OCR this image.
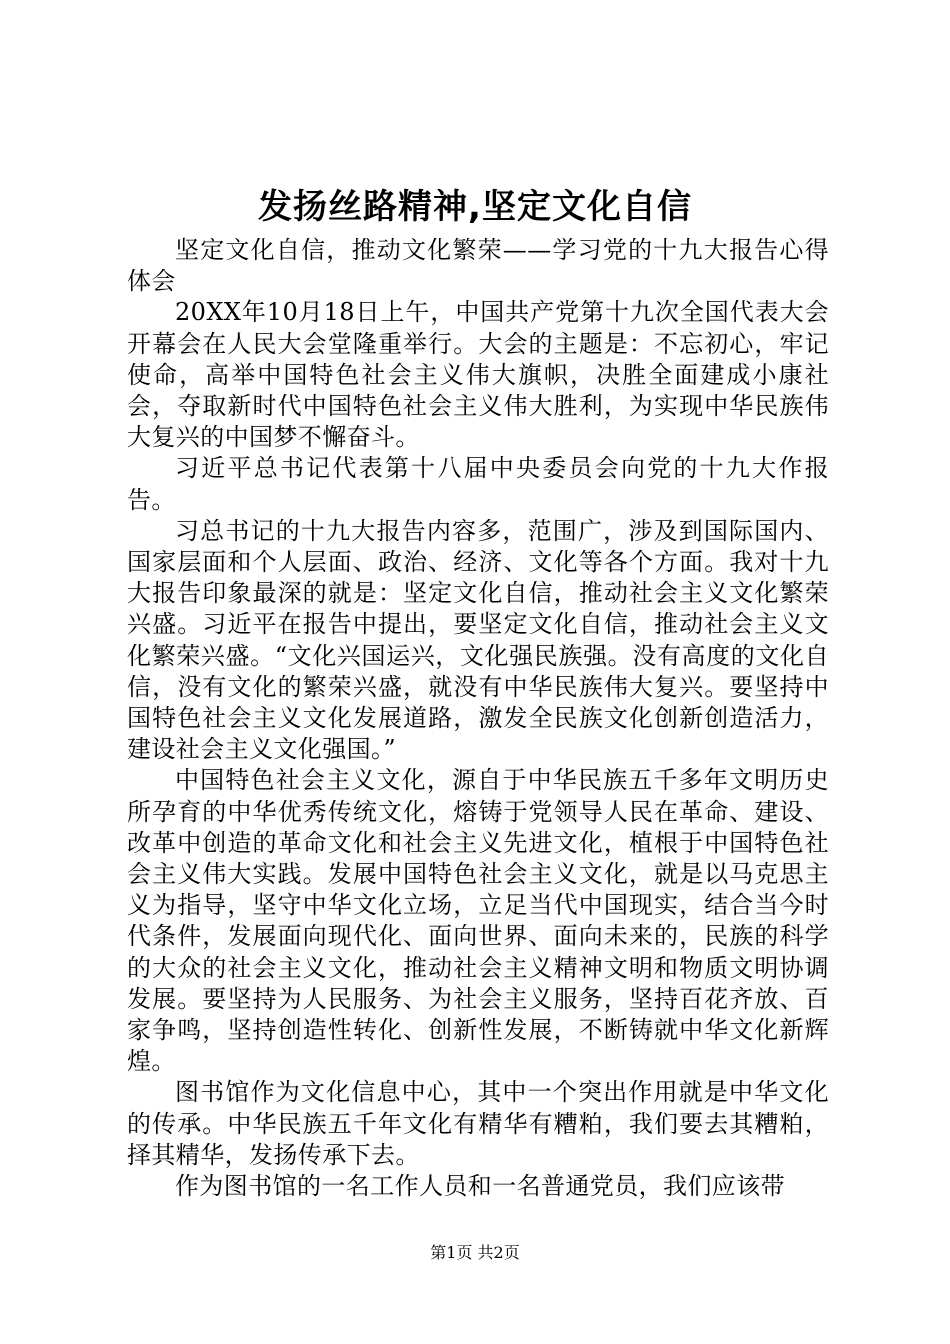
发扬丝路精神,坚定文化自信

坚定文化自信，推动文化繁荣——学习党的十九大报告心得体会

20XX年10月18日上午，中国共产党第十九次全国代表大会开幕会在人民大会堂隆重举行。大会的主题是：不忘初心，牢记使命，高举中国特色社会主义伟大旗帜，决胜全面建成小康社会，夺取新时代中国特色社会主义伟大胜利，为实现中华民族伟大复兴的中国梦不懈奋斗。

习近平总书记代表第十八届中央委员会向党的十九大作报告。

习总书记的十九大报告内容多，范围广，涉及到国际国内、国家层面和个人层面、政治、经济、文化等各个方面。我对十九大报告印象最深的就是：坚定文化自信，推动社会主义文化繁荣兴盛。习近平在报告中提出，要坚定文化自信，推动社会主义文化繁荣兴盛。“文化兴国运兴，文化强民族强。没有高度的文化自信，没有文化的繁荣兴盛，就没有中华民族伟大复兴。要坚持中国特色社会主义文化发展道路，激发全民族文化创新创造活力，建设社会主义文化强国。”

中国特色社会主义文化，源自于中华民族五千多年文明历史所孕育的中华优秀传统文化，熔铸于党领导人民在革命、建设、改革中创造的革命文化和社会主义先进文化，植根于中国特色社会主义伟大实践。发展中国特色社会主义文化，就是以马克思主义为指导，坚守中华文化立场，立足当代中国现实，结合当今时代条件，发展面向现代化、面向世界、面向未来的，民族的科学的大众的社会主义文化，推动社会主义精神文明和物质文明协调发展。要坚持为人民服务、为社会主义服务，坚持百花齐放、百家争鸣，坚持创造性转化、创新性发展，不断铸就中华文化新辉煌。

图书馆作为文化信息中心，其中一个突出作用就是中华文化的传承。中华民族五千年文化有精华有糟粕，我们要去其糟粕，择其精华，发扬传承下去。

作为图书馆的一名工作人员和一名普通党员，我们应该带

第1页 共2页
